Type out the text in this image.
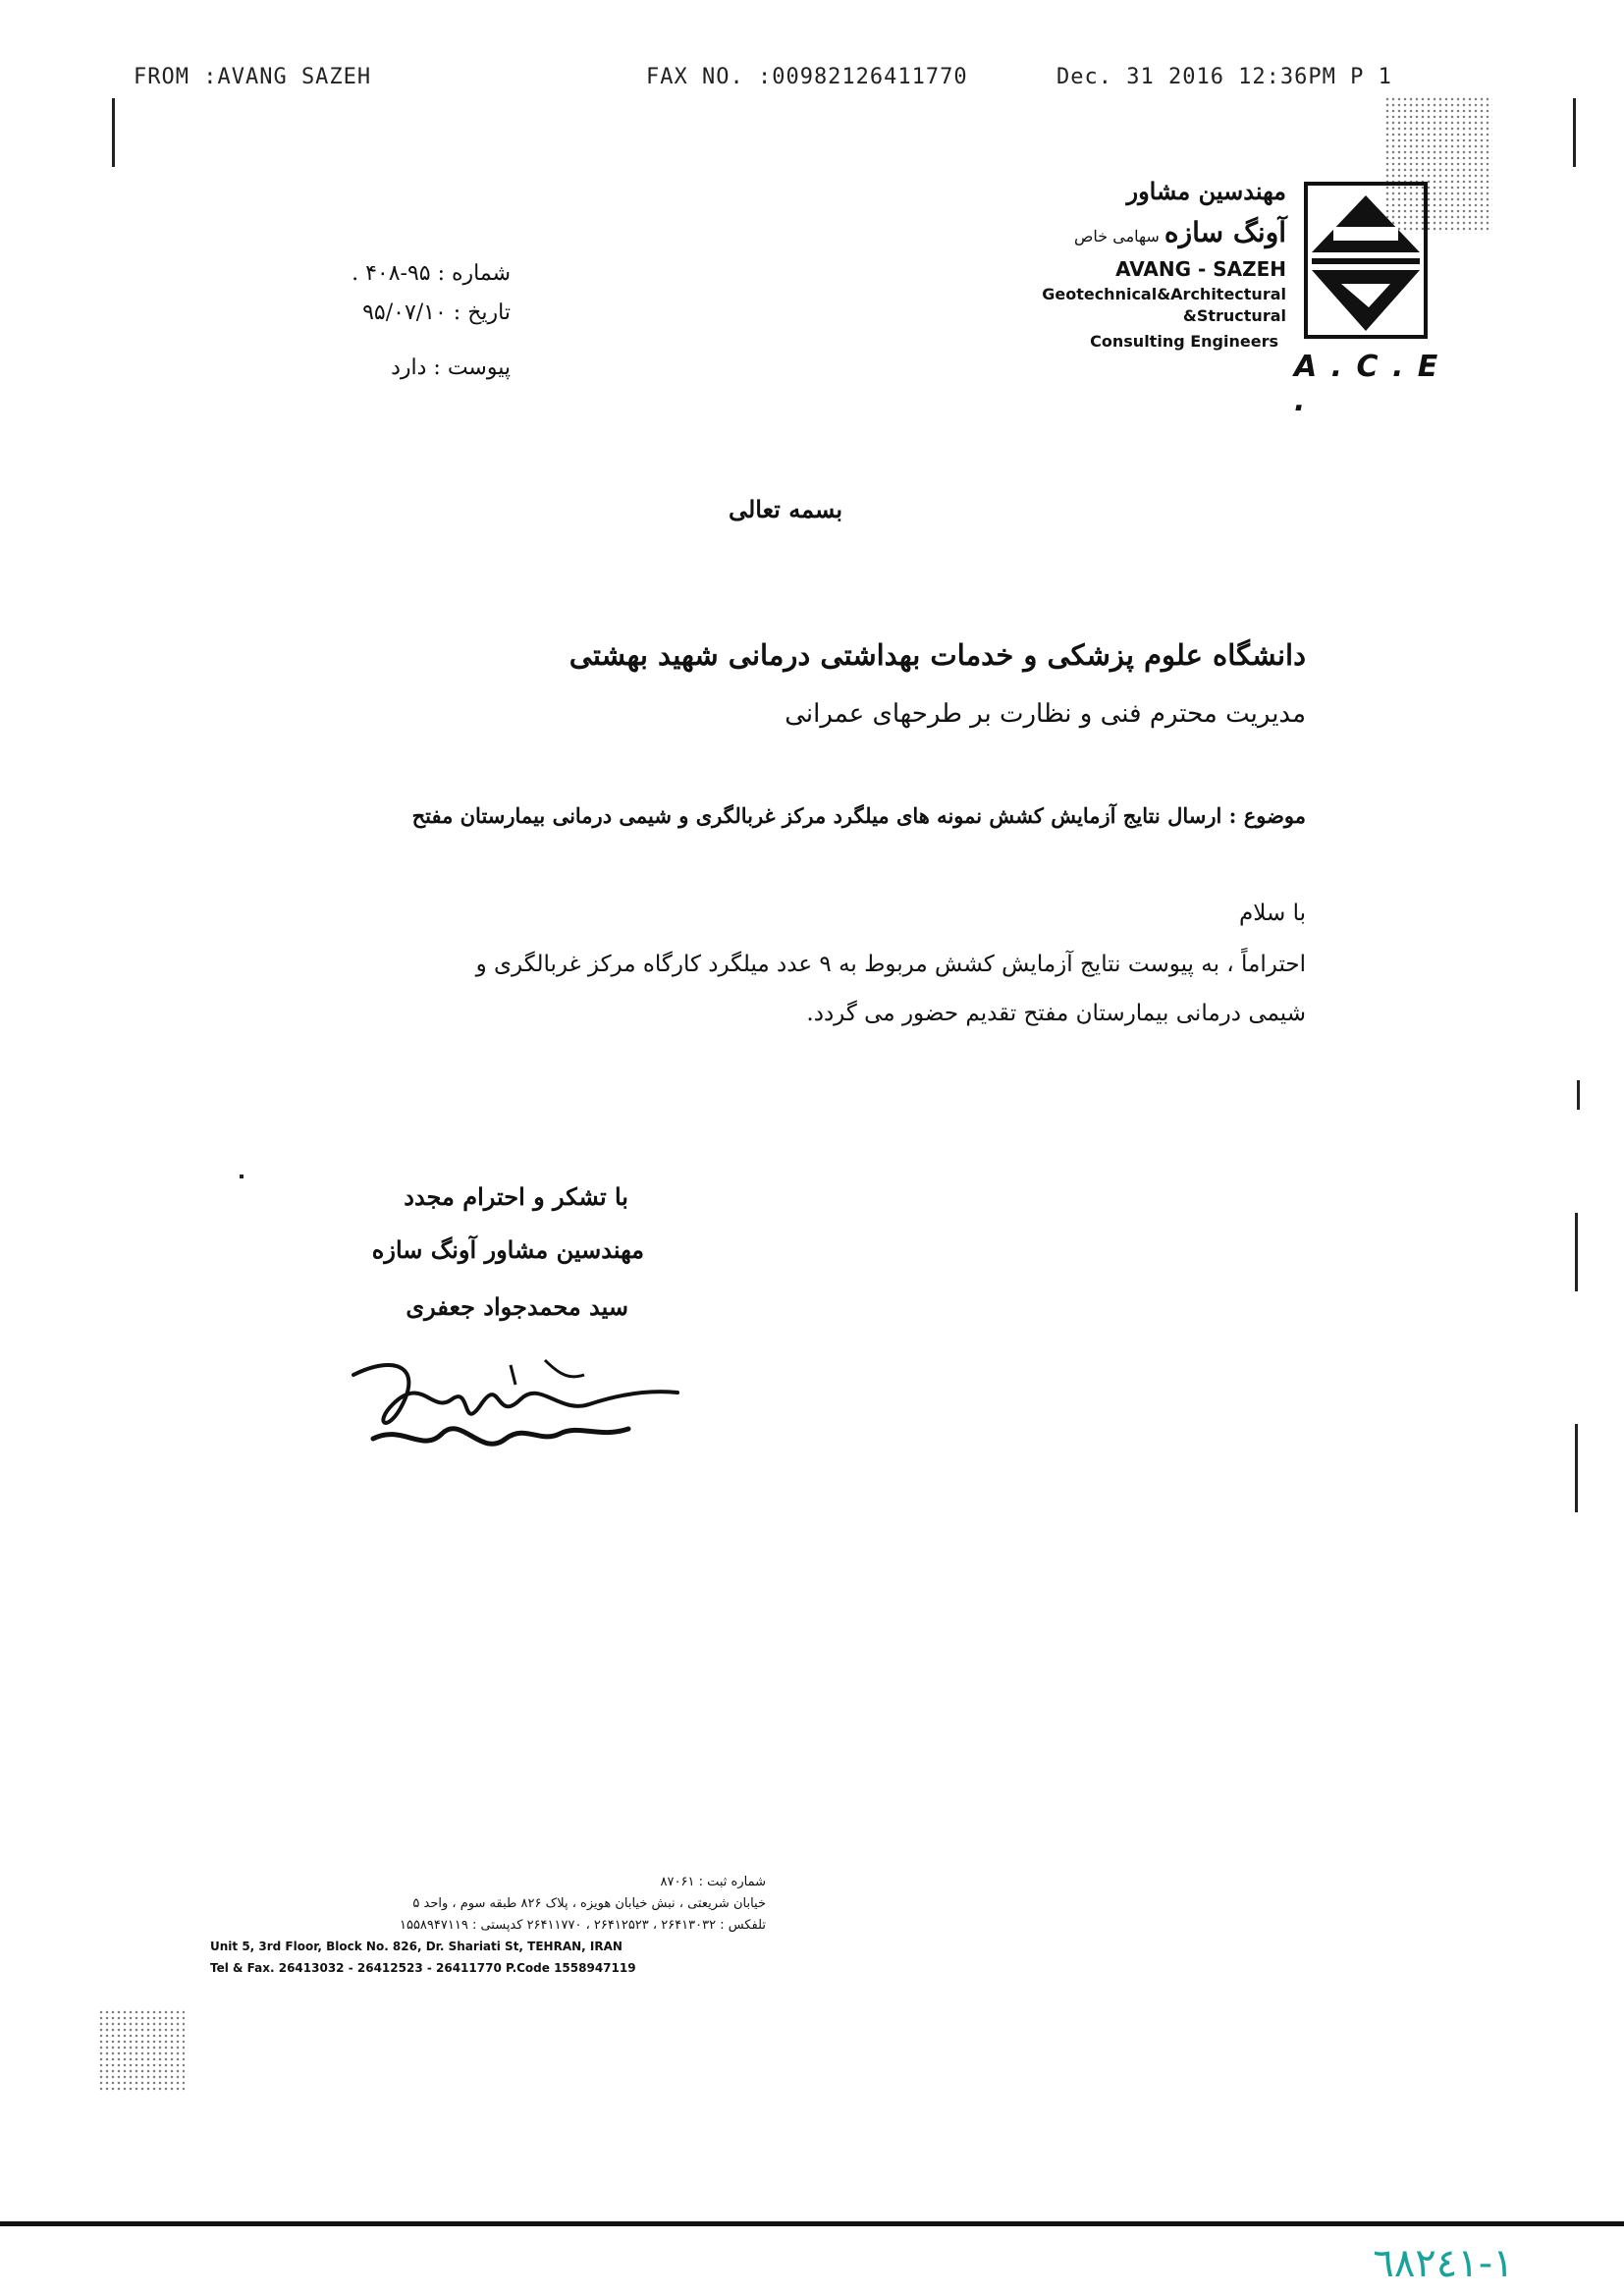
FROM :AVANG SAZEH	FAX NO. :00982126411770	Dec. 31 2016 12:36PM P 1
مهندسین مشاور
آونگ سازه سهامی خاص
AVANG - SAZEH
Geotechnical&Architectural
&Structural
Consulting Engineers
A . C . E .
شماره : ۹۵-۴۰۸ .
تاریخ : ۹۵/۰۷/۱۰
پیوست : دارد
بسمه تعالی
دانشگاه علوم پزشکی و خدمات بهداشتی درمانی شهید بهشتی
مدیریت محترم فنی و نظارت بر طرحهای عمرانی
موضوع : ارسال نتایج آزمایش کشش نمونه های میلگرد مرکز غربالگری و شیمی درمانی بیمارستان مفتح
با سلام
احتراماً ، به پیوست نتایج آزمایش کشش مربوط به ۹ عدد میلگرد کارگاه مرکز غربالگری و
شیمی درمانی بیمارستان مفتح تقدیم حضور می گردد.
با تشکر و احترام مجدد
مهندسین مشاور آونگ سازه
سید محمدجواد جعفری
شماره ثبت : ۸۷۰۶۱
خیابان شریعتی ، نبش خیابان هویزه ، پلاک ۸۲۶ طبقه سوم ، واحد ۵
تلفکس : ۲۶۴۱۳۰۳۲ ، ۲۶۴۱۲۵۲۳ ، ۲۶۴۱۱۷۷۰ کدپستی : ۱۵۵۸۹۴۷۱۱۹
Unit 5, 3rd Floor, Block No. 826, Dr. Shariati St, TEHRAN, IRAN
Tel & Fax. 26413032 - 26412523 - 26411770 P.Code 1558947119
١-٦٨٢٤١
